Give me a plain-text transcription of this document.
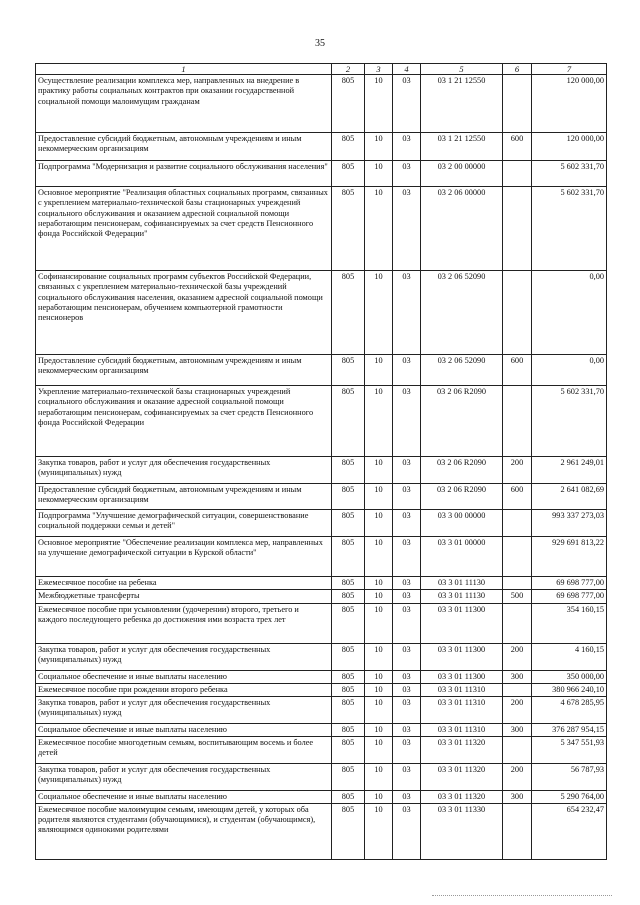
35
1	2	3	4	5	6	7
Осуществление реализации комплекса мер, направленных на внедрение в практику работы социальных контрактов при оказании государственной социальной помощи малоимущим гражданам	805	10	03	03 1 21 12550		120 000,00
Предоставление субсидий бюджетным, автономным учреждениям и иным некоммерческим организациям	805	10	03	03 1 21 12550	600	120 000,00
Подпрограмма "Модернизация и развитие социального обслуживания населения"	805	10	03	03 2 00 00000		5 602 331,70
Основное мероприятие "Реализация областных социальных программ, связанных с укреплением материально-технической базы стационарных учреждений социального обслуживания и оказанием адресной социальной помощи неработающим пенсионерам, софинансируемых за счет средств Пенсионного фонда Российской Федерации"	805	10	03	03 2 06 00000		5 602 331,70
Софинансирование социальных программ субъектов Российской Федерации, связанных с укреплением материально-технической базы учреждений социального обслуживания населения, оказанием адресной социальной помощи неработающим пенсионерам, обучением компьютерной грамотности пенсионеров	805	10	03	03 2 06 52090		0,00
Предоставление субсидий бюджетным, автономным учреждениям и иным некоммерческим организациям	805	10	03	03 2 06 52090	600	0,00
Укрепление материально-технической базы стационарных учреждений социального обслуживания и оказание адресной социальной помощи неработающим пенсионерам, софинансируемых за счет средств Пенсионного фонда Российской Федерации	805	10	03	03 2 06 R2090		5 602 331,70
Закупка товаров, работ и услуг для обеспечения государственных (муниципальных) нужд	805	10	03	03 2 06 R2090	200	2 961 249,01
Предоставление субсидий бюджетным, автономным учреждениям и иным некоммерческим организациям	805	10	03	03 2 06 R2090	600	2 641 082,69
Подпрограмма "Улучшение демографической ситуации, совершенствование социальной поддержки семьи и детей"	805	10	03	03 3 00 00000		993 337 273,03
Основное мероприятие "Обеспечение реализации комплекса мер, направленных на улучшение демографической ситуации в Курской области"	805	10	03	03 3 01 00000		929 691 813,22
Ежемесячное пособие на ребенка	805	10	03	03 3 01 11130		69 698 777,00
Межбюджетные трансферты	805	10	03	03 3 01 11130	500	69 698 777,00
Ежемесячное пособие при усыновлении (удочерении) второго, третьего и каждого последующего ребенка до достижения ими возраста трех лет	805	10	03	03 3 01 11300		354 160,15
Закупка товаров, работ и услуг для обеспечения государственных (муниципальных) нужд	805	10	03	03 3 01 11300	200	4 160,15
Социальное обеспечение и иные выплаты населению	805	10	03	03 3 01 11300	300	350 000,00
Ежемесячное пособие при рождении второго ребенка	805	10	03	03 3 01 11310		380 966 240,10
Закупка товаров, работ и услуг для обеспечения государственных (муниципальных) нужд	805	10	03	03 3 01 11310	200	4 678 285,95
Социальное обеспечение и иные выплаты населению	805	10	03	03 3 01 11310	300	376 287 954,15
Ежемесячное пособие многодетным семьям, воспитывающим восемь и более детей	805	10	03	03 3 01 11320		5 347 551,93
Закупка товаров, работ и услуг для обеспечения государственных (муниципальных) нужд	805	10	03	03 3 01 11320	200	56 787,93
Социальное обеспечение и иные выплаты населению	805	10	03	03 3 01 11320	300	5 290 764,00
Ежемесячное пособие малоимущим семьям, имеющим детей, у которых оба родителя являются студентами (обучающимися), и студентам (обучающимся), являющимся одинокими родителями	805	10	03	03 3 01 11330		654 232,47
